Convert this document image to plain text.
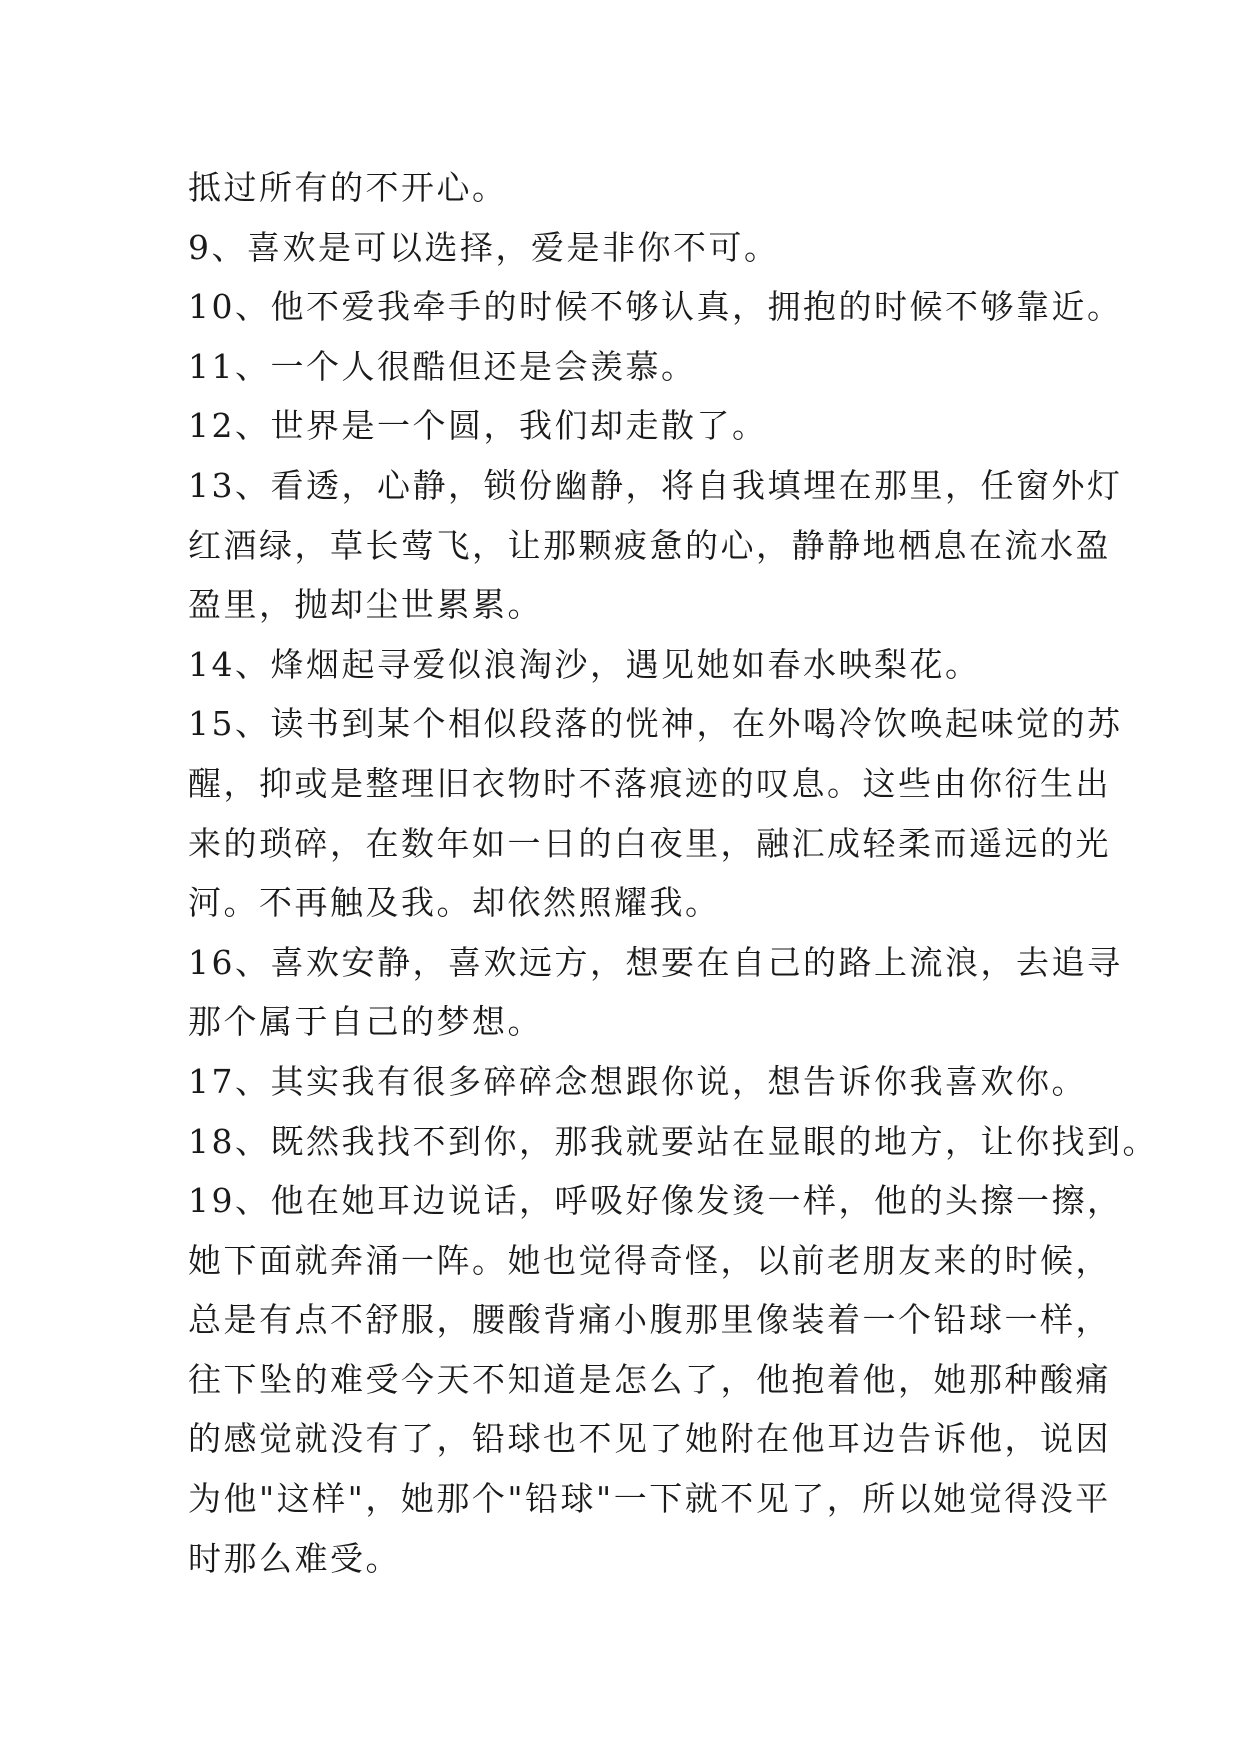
抵过所有的不开心。

9、喜欢是可以选择，爱是非你不可。

10、他不爱我牵手的时候不够认真，拥抱的时候不够靠近。

11、一个人很酷但还是会羡慕。

12、世界是一个圆，我们却走散了。

13、看透，心静，锁份幽静，将自我填埋在那里，任窗外灯

红酒绿，草长莺飞，让那颗疲惫的心，静静地栖息在流水盈

盈里，抛却尘世累累。

14、烽烟起寻爱似浪淘沙，遇见她如春水映梨花。

15、读书到某个相似段落的恍神，在外喝冷饮唤起味觉的苏

醒，抑或是整理旧衣物时不落痕迹的叹息。这些由你衍生出

来的琐碎，在数年如一日的白夜里，融汇成轻柔而遥远的光

河。不再触及我。却依然照耀我。

16、喜欢安静，喜欢远方，想要在自己的路上流浪，去追寻

那个属于自己的梦想。

17、其实我有很多碎碎念想跟你说，想告诉你我喜欢你。

18、既然我找不到你，那我就要站在显眼的地方，让你找到。

19、他在她耳边说话，呼吸好像发烫一样，他的头擦一擦，

她下面就奔涌一阵。她也觉得奇怪，以前老朋友来的时候，

总是有点不舒服，腰酸背痛小腹那里像装着一个铅球一样，

往下坠的难受今天不知道是怎么了，他抱着他，她那种酸痛

的感觉就没有了，铅球也不见了她附在他耳边告诉他，说因

为他"这样"，她那个"铅球"一下就不见了，所以她觉得没平

时那么难受。
